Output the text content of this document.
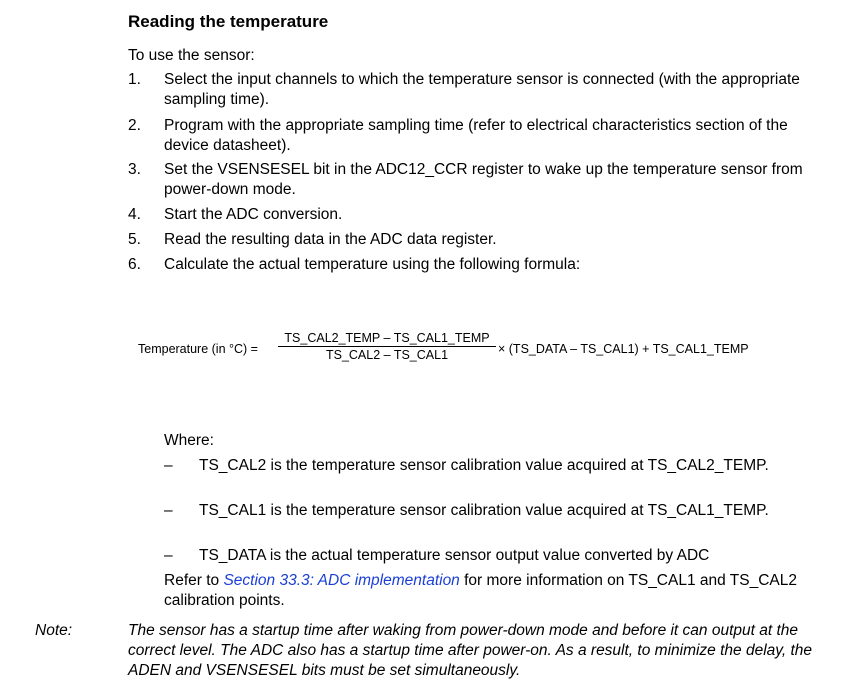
Reading the temperature
To use the sensor:
1.	Select the input channels to which the temperature sensor is connected (with the appropriate sampling time).
2.	Program with the appropriate sampling time (refer to electrical characteristics section of the device datasheet).
3.	Set the VSENSESEL bit in the ADC12_CCR register to wake up the temperature sensor from power-down mode.
4.	Start the ADC conversion.
5.	Read the resulting data in the ADC data register.
6.	Calculate the actual temperature using the following formula:
Temperature (in °C) =
TS_CAL2_TEMP – TS_CAL1_TEMP
TS_CAL2 – TS_CAL1	× (TS_DATA – TS_CAL1) + TS_CAL1_TEMP
Where:
–	TS_CAL2 is the temperature sensor calibration value acquired at TS_CAL2_TEMP.
–	TS_CAL1 is the temperature sensor calibration value acquired at TS_CAL1_TEMP.
–	TS_DATA is the actual temperature sensor output value converted by ADC
Refer to Section 33.3: ADC implementation for more information on TS_CAL1 and TS_CAL2 calibration points.
Note:	The sensor has a startup time after waking from power-down mode and before it can output at the correct level. The ADC also has a startup time after power-on. As a result, to minimize the delay, the ADEN and VSENSESEL bits must be set simultaneously.
